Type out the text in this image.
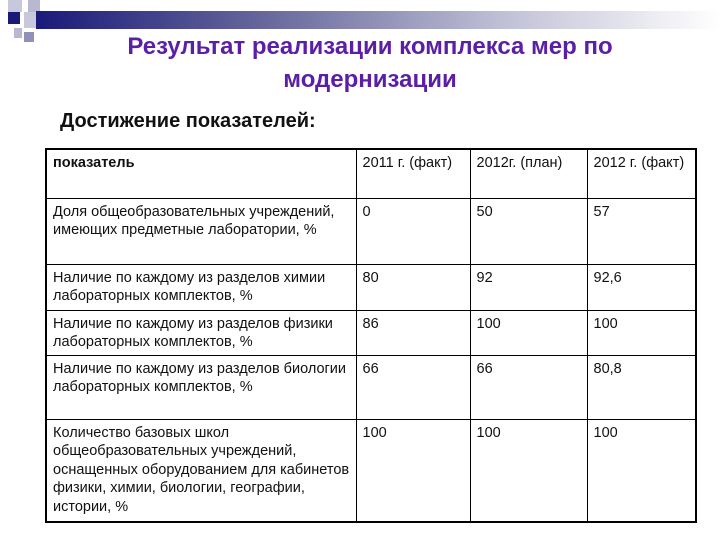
Результат реализации комплекса мер по модернизации
Достижение показателей:
показатель	2011 г. (факт)	2012г. (план)	2012 г. (факт)
Доля общеобразовательных учреждений, имеющих предметные лаборатории, %	0	50	57
Наличие по каждому из разделов химии лабораторных комплектов, %	80	92	92,6
Наличие по каждому из разделов физики лабораторных комплектов, %	86	100	100
Наличие по каждому из разделов биологии лабораторных комплектов, %	66	66	80,8
Количество базовых школ общеобразовательных учреждений, оснащенных оборудованием для кабинетов физики, химии, биологии, географии, истории, %	100	100	100
